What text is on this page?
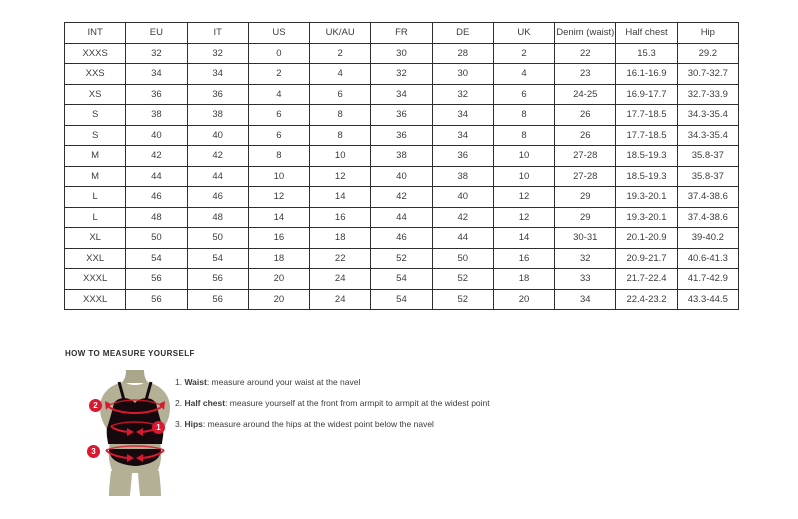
INT	EU	IT	US	UK/AU	FR	DE	UK	Denim (waist)	Half chest	Hip
XXXS	32	32	0	2	30	28	2	22	15.3	29.2
XXS	34	34	2	4	32	30	4	23	16.1-16.9	30.7-32.7
XS	36	36	4	6	34	32	6	24-25	16.9-17.7	32.7-33.9
S	38	38	6	8	36	34	8	26	17.7-18.5	34.3-35.4
S	40	40	6	8	36	34	8	26	17.7-18.5	34.3-35.4
M	42	42	8	10	38	36	10	27-28	18.5-19.3	35.8-37
M	44	44	10	12	40	38	10	27-28	18.5-19.3	35.8-37
L	46	46	12	14	42	40	12	29	19.3-20.1	37.4-38.6
L	48	48	14	16	44	42	12	29	19.3-20.1	37.4-38.6
XL	50	50	16	18	46	44	14	30-31	20.1-20.9	39-40.2
XXL	54	54	18	22	52	50	16	32	20.9-21.7	40.6-41.3
XXXL	56	56	20	24	54	52	18	33	21.7-22.4	41.7-42.9
XXXL	56	56	20	24	54	52	20	34	22.4-23.2	43.3-44.5
HOW TO MEASURE YOURSELF
2
1
3
1. Waist: measure around your waist at the navel
2. Half chest: measure yourself at the front from armpit to armpit at the widest point
3. Hips: measure around the hips at the widest point below the navel
